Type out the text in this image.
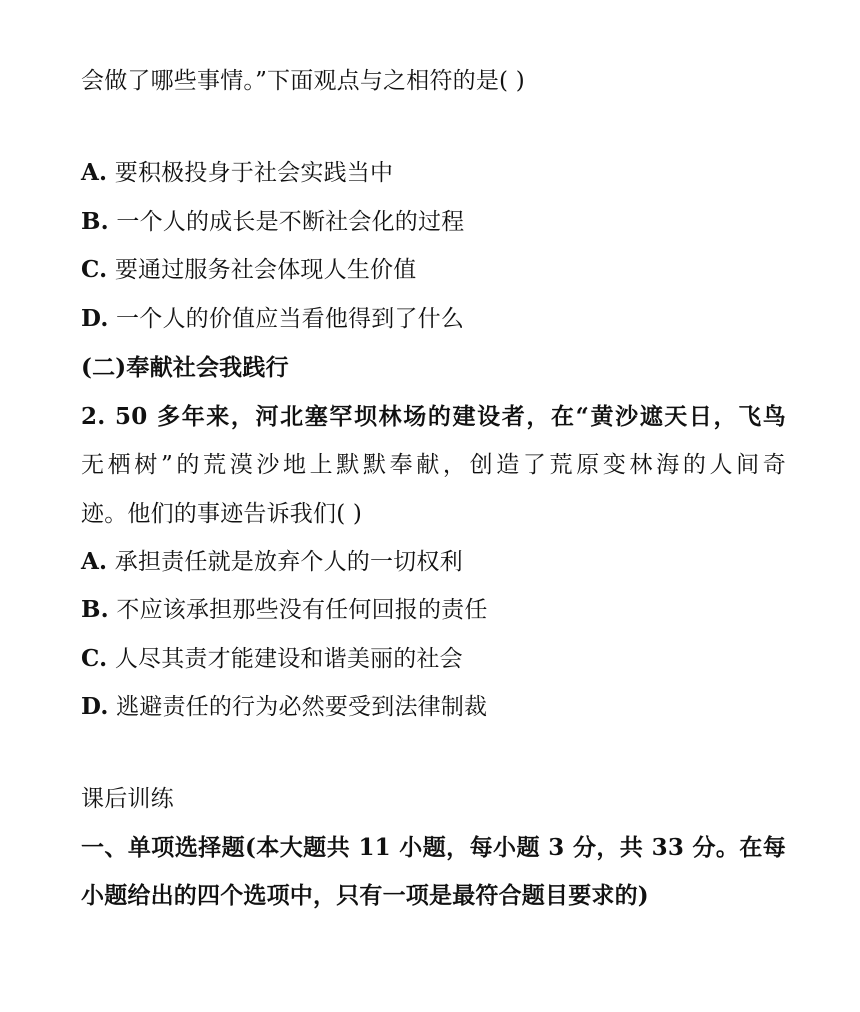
会做了哪些事情。”下面观点与之相符的是( )
A. 要积极投身于社会实践当中
B. 一个人的成长是不断社会化的过程
C. 要通过服务社会体现人生价值
D. 一个人的价值应当看他得到了什么
(二)奉献社会我践行
2. 50 多年来，河北塞罕坝林场的建设者，在“黄沙遮天日，飞鸟
无栖树”的荒漠沙地上默默奉献，创造了荒原变林海的人间奇
迹。他们的事迹告诉我们( )
A. 承担责任就是放弃个人的一切权利
B. 不应该承担那些没有任何回报的责任
C. 人尽其责才能建设和谐美丽的社会
D. 逃避责任的行为必然要受到法律制裁
课后训练
一、单项选择题(本大题共 11 小题，每小题 3 分，共 33 分。在每
小题给出的四个选项中，只有一项是最符合题目要求的)
